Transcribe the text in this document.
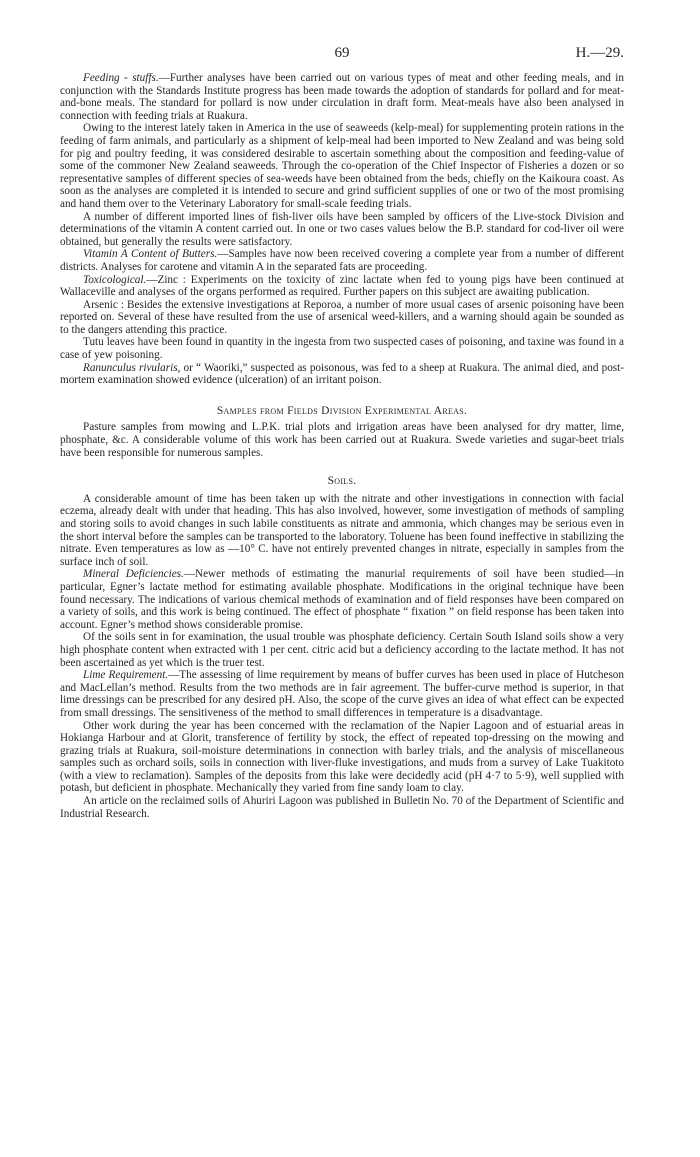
69	H.—29.

Feeding - stuffs.—Further analyses have been carried out on various types of meat and other feeding meals, and in conjunction with the Standards Institute progress has been made towards the adoption of standards for pollard and for meat-and-bone meals. The standard for pollard is now under circulation in draft form. Meat-meals have also been analysed in connection with feeding trials at Ruakura.

Owing to the interest lately taken in America in the use of seaweeds (kelp-meal) for supplementing protein rations in the feeding of farm animals, and particularly as a shipment of kelp-meal had been imported to New Zealand and was being sold for pig and poultry feeding, it was considered desirable to ascertain something about the composition and feeding-value of some of the commoner New Zealand seaweeds. Through the co-operation of the Chief Inspector of Fisheries a dozen or so representative samples of different species of sea-weeds have been obtained from the beds, chiefly on the Kaikoura coast. As soon as the analyses are completed it is intended to secure and grind sufficient supplies of one or two of the most promising and hand them over to the Veterinary Laboratory for small-scale feeding trials.

A number of different imported lines of fish-liver oils have been sampled by officers of the Live-stock Division and determinations of the vitamin A content carried out. In one or two cases values below the B.P. standard for cod-liver oil were obtained, but generally the results were satisfactory.

Vitamin A Content of Butters.—Samples have now been received covering a complete year from a number of different districts. Analyses for carotene and vitamin A in the separated fats are proceeding.

Toxicological.—Zinc : Experiments on the toxicity of zinc lactate when fed to young pigs have been continued at Wallaceville and analyses of the organs performed as required. Further papers on this subject are awaiting publication.

Arsenic : Besides the extensive investigations at Reporoa, a number of more usual cases of arsenic poisoning have been reported on. Several of these have resulted from the use of arsenical weed-killers, and a warning should again be sounded as to the dangers attending this practice.

Tutu leaves have been found in quantity in the ingesta from two suspected cases of poisoning, and taxine was found in a case of yew poisoning.

Ranunculus rivularis, or “ Waoriki,” suspected as poisonous, was fed to a sheep at Ruakura. The animal died, and post-mortem examination showed evidence (ulceration) of an irritant poison.

Samples from Fields Division Experimental Areas.

Pasture samples from mowing and L.P.K. trial plots and irrigation areas have been analysed for dry matter, lime, phosphate, &c. A considerable volume of this work has been carried out at Ruakura. Swede varieties and sugar-beet trials have been responsible for numerous samples.

Soils.

A considerable amount of time has been taken up with the nitrate and other investigations in connection with facial eczema, already dealt with under that heading. This has also involved, however, some investigation of methods of sampling and storing soils to avoid changes in such labile constituents as nitrate and ammonia, which changes may be serious even in the short interval before the samples can be transported to the laboratory. Toluene has been found ineffective in stabilizing the nitrate. Even temperatures as low as —10° C. have not entirely prevented changes in nitrate, especially in samples from the surface inch of soil.

Mineral Deficiencies.—Newer methods of estimating the manurial requirements of soil have been studied—in particular, Egner’s lactate method for estimating available phosphate. Modifications in the original technique have been found necessary. The indications of various chemical methods of examination and of field responses have been compared on a variety of soils, and this work is being continued. The effect of phosphate “ fixation ” on field response has been taken into account. Egner’s method shows considerable promise.

Of the soils sent in for examination, the usual trouble was phosphate deficiency. Certain South Island soils show a very high phosphate content when extracted with 1 per cent. citric acid but a deficiency according to the lactate method. It has not been ascertained as yet which is the truer test.

Lime Requirement.—The assessing of lime requirement by means of buffer curves has been used in place of Hutcheson and MacLellan’s method. Results from the two methods are in fair agreement. The buffer-curve method is superior, in that lime dressings can be prescribed for any desired pH. Also, the scope of the curve gives an idea of what effect can be expected from small dressings. The sensitiveness of the method to small differences in temperature is a disadvantage.

Other work during the year has been concerned with the reclamation of the Napier Lagoon and of estuarial areas in Hokianga Harbour and at Glorit, transference of fertility by stock, the effect of repeated top-dressing on the mowing and grazing trials at Ruakura, soil-moisture determinations in connection with barley trials, and the analysis of miscellaneous samples such as orchard soils, soils in connection with liver-fluke investigations, and muds from a survey of Lake Tuakitoto (with a view to reclamation). Samples of the deposits from this lake were decidedly acid (pH 4·7 to 5·9), well supplied with potash, but deficient in phosphate. Mechanically they varied from fine sandy loam to clay.

An article on the reclaimed soils of Ahuriri Lagoon was published in Bulletin No. 70 of the Department of Scientific and Industrial Research.
